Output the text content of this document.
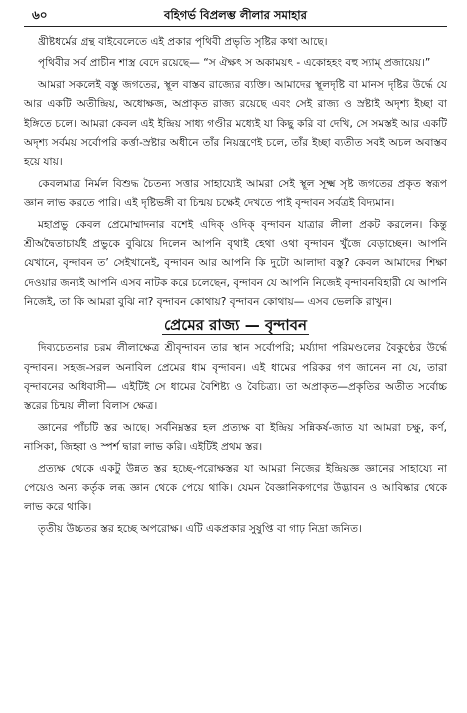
৬০	বহিগর্ভ বিপ্রলম্ভ লীলার সমাহার

খ্রীষ্টধর্মের গ্রন্থ বাইবেলেতে এই প্রকার পৃথিবী প্রভৃতি সৃষ্টির কথা আছে।

পৃথিবীর সর্ব প্রাচীন শাস্ত্র বেদে রয়েছে— “স ঐক্ষৎ স অকাময়ৎ - একোহহং বহু স্যাম্ প্রজায়েয়।”

আমরা সকলেই বস্তু জগতের, স্থূল বাস্তব রাজ্যের ব্যক্তি। আমাদের স্থূলদৃষ্টি বা মানস দৃষ্টির উর্দ্ধে যে আর একটি অতীন্দ্রিয়, অধোক্ষজ, অপ্রাকৃত রাজ্য রয়েছে এবং সেই রাজ্য ও স্রষ্টাই অদৃশ্য ইচ্ছা বা ইঙ্গিতে চলে। আমরা কেবল এই ইন্দ্রিয় সাধ্য গণ্ডীর মধ্যেই যা কিছু করি বা দেখি, সে সমস্তই আর একটি অদৃশ্য সর্বময় সর্বোপরি কর্ত্তা-স্রষ্টার অধীনে তাঁর নিয়ন্ত্রণেই চলে, তাঁর ইচ্ছা ব্যতীত সবই অচল অবাস্তব হয়ে যায়।

কেবলমাত্র নির্মল বিশুদ্ধ চৈতন্য সত্তার সাহায্যেই আমরা সেই স্থূল সূক্ষ্ম সৃষ্ট জগতের প্রকৃত স্বরূপ জ্ঞান লাভ করতে পারি। এই দৃষ্টিভঙ্গী বা চিন্ময় চক্ষেই দেখতে পাই বৃন্দাবন সর্বত্রই বিদ্যমান।

মহাপ্রভু কেবল প্রেমোম্মাদনার বশেই এদিক্ ওদিক্ বৃন্দাবন যাত্রার লীলা প্রকট করলেন। কিন্তু শ্রীঅদ্বৈতাচার্যই প্রভুকে বুঝিয়ে দিলেন আপনি বৃথাই হেথা ওথা বৃন্দাবন খুঁজে বেড়াচ্ছেন। আপনি যেখানে, বৃন্দাবন ত’ সেইখানেই, বৃন্দাবন আর আপনি কি দুটো আলাদা বস্তু? কেবল আমাদের শিক্ষা দেওয়ার জন্যই আপনি এসব নাটক করে চলেছেন, বৃন্দাবন যে আপনি নিজেই বৃন্দাবনবিহারী যে আপনি নিজেই, তা কি আমরা বুঝি না? বৃন্দাবন কোথায়? বৃন্দাবন কোথায়— এসব ভেলকি রাখুন।

প্রেমের রাজ্য — বৃন্দাবন

দিব্যচেতনার চরম লীলাক্ষেত্র শ্রীবৃন্দাবন তার স্থান সর্বোপরি; মর্য্যাদা পরিমণ্ডলের বৈকুণ্ঠের উর্দ্ধে বৃন্দাবন। সহজ-সরল অনাবিল প্রেমের ধাম বৃন্দাবন। এই ধামের পরিকর গণ জানেন না যে, তারা বৃন্দাবনের অধিবাসী— এইটিই সে ধামের বৈশিষ্ট্য ও বৈচিত্র্য। তা অপ্রাকৃত—প্রকৃতির অতীত সর্বোচ্চ স্তরের চিন্ময় লীলা বিলাস ক্ষেত্র।

জ্ঞানের পাঁচটি স্তর আছে। সর্বনিম্নস্তর হল প্রত্যক্ষ বা ইন্দ্রিয় সন্নিকর্ষ-জাত যা আমরা চক্ষু, কর্ণ, নাসিকা, জিহ্বা ও স্পর্শ দ্বারা লাভ করি। এইটিই প্রথম স্তর।

প্রত্যক্ষ থেকে একটু উন্নত স্তর হচ্ছে-পরোক্ষস্তর যা আমরা নিজের ইন্দ্রিয়জ্ঞ জ্ঞানের সাহায্যে না পেয়েও অন্য কর্তৃক লব্ধ জ্ঞান থেকে পেয়ে থাকি। যেমন বৈজ্ঞানিকগণের উদ্ভাবন ও আবিষ্কার থেকে লাভ করে থাকি।

তৃতীয় উচ্চতর স্তর হচ্ছে অপরোক্ষ। এটি একপ্রকার সুষুপ্তি বা গাঢ় নিদ্রা জনিত।
